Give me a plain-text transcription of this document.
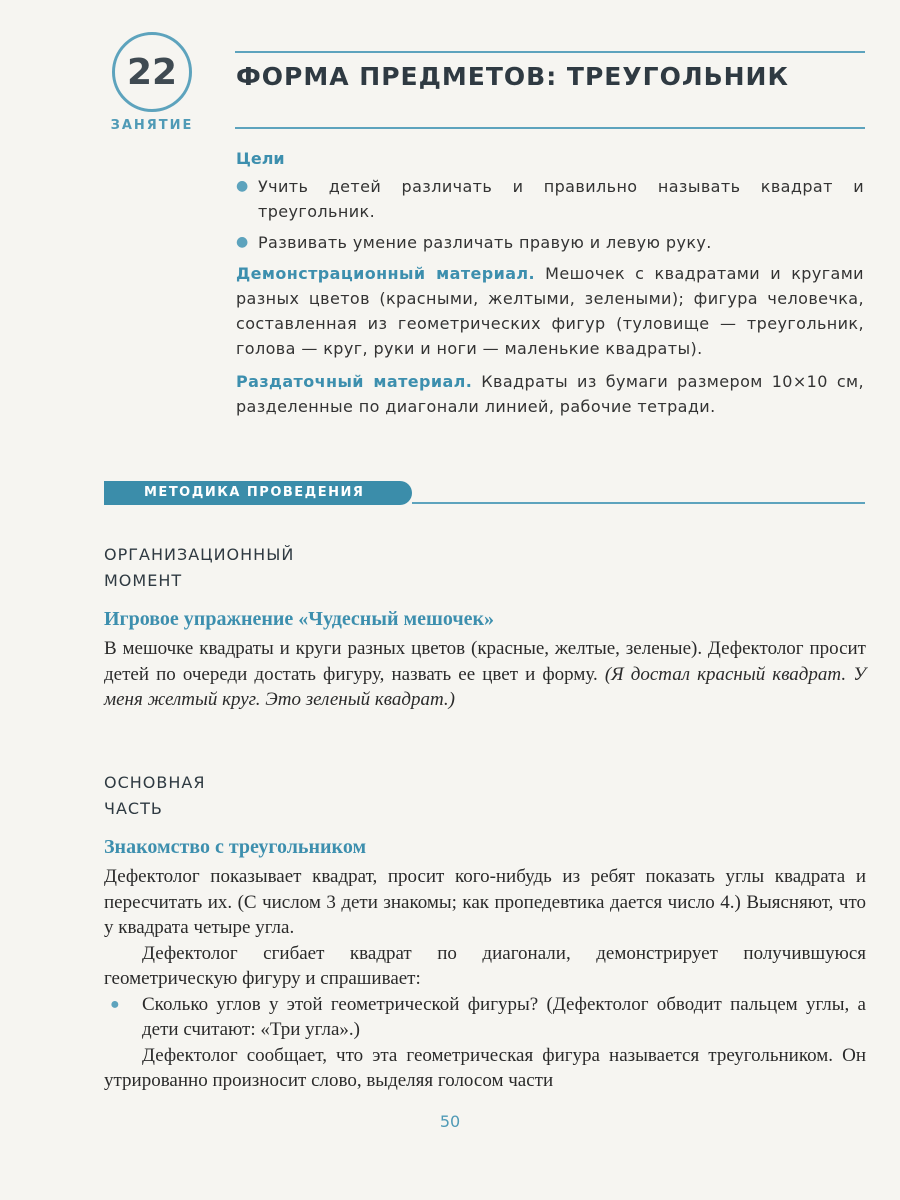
22
ЗАНЯТИЕ
ФОРМА ПРЕДМЕТОВ: ТРЕУГОЛЬНИК
Цели
● Учить детей различать и правильно называть квадрат и треугольник.
● Развивать умение различать правую и левую руку.
Демонстрационный материал. Мешочек с квадратами и кругами разных цветов (красными, желтыми, зелеными); фигура человечка, составленная из геометрических фигур (туловище — треугольник, голова — круг, руки и ноги — маленькие квадраты).
Раздаточный материал. Квадраты из бумаги размером 10×10 см, разделенные по диагонали линией, рабочие тетради.
МЕТОДИКА ПРОВЕДЕНИЯ
ОРГАНИЗАЦИОННЫЙ
МОМЕНТ
Игровое упражнение «Чудесный мешочек»
В мешочке квадраты и круги разных цветов (красные, желтые, зеленые). Дефектолог просит детей по очереди достать фигуру, назвать ее цвет и форму. (Я достал красный квадрат. У меня желтый круг. Это зеленый квадрат.)
ОСНОВНАЯ
ЧАСТЬ
Знакомство с треугольником
Дефектолог показывает квадрат, просит кого-нибудь из ребят показать углы квадрата и пересчитать их. (С числом 3 дети знакомы; как пропедевтика дается число 4.) Выясняют, что у квадрата четыре угла.
Дефектолог сгибает квадрат по диагонали, демонстрирует получившуюся геометрическую фигуру и спрашивает:
●	Сколько углов у этой геометрической фигуры? (Дефектолог обводит пальцем углы, а дети считают: «Три угла».)
Дефектолог сообщает, что эта геометрическая фигура называется треугольником. Он утрированно произносит слово, выделяя голосом части
50
